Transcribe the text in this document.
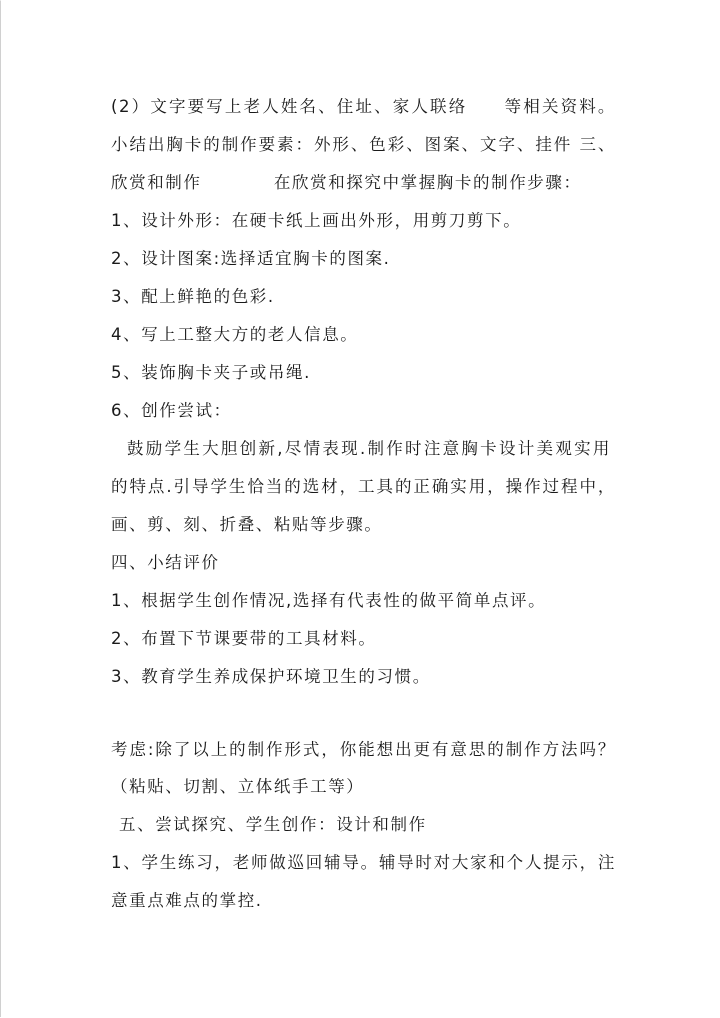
(2）文字要写上老人姓名、住址、家人联络　　等相关资料。

小结出胸卡的制作要素：外形、色彩、图案、文字、挂件 三、

欣赏和制作　　　　在欣赏和探究中掌握胸卡的制作步骤：

1、设计外形：在硬卡纸上画出外形，用剪刀剪下。

2、设计图案:选择适宜胸卡的图案.

3、配上鲜艳的色彩.

4、写上工整大方的老人信息。

5、装饰胸卡夹子或吊绳.

6、创作尝试：

鼓励学生大胆创新,尽情表现.制作时注意胸卡设计美观实用

的特点.引导学生恰当的选材，工具的正确实用，操作过程中，

画、剪、刻、折叠、粘贴等步骤。

四、小结评价

1、根据学生创作情况,选择有代表性的做平简单点评。

2、布置下节课要带的工具材料。

3、教育学生养成保护环境卫生的习惯。

考虑:除了以上的制作形式，你能想出更有意思的制作方法吗？

（粘贴、切割、立体纸手工等）

五、尝试探究、学生创作：设计和制作

1、学生练习，老师做巡回辅导。辅导时对大家和个人提示，注

意重点难点的掌控.
